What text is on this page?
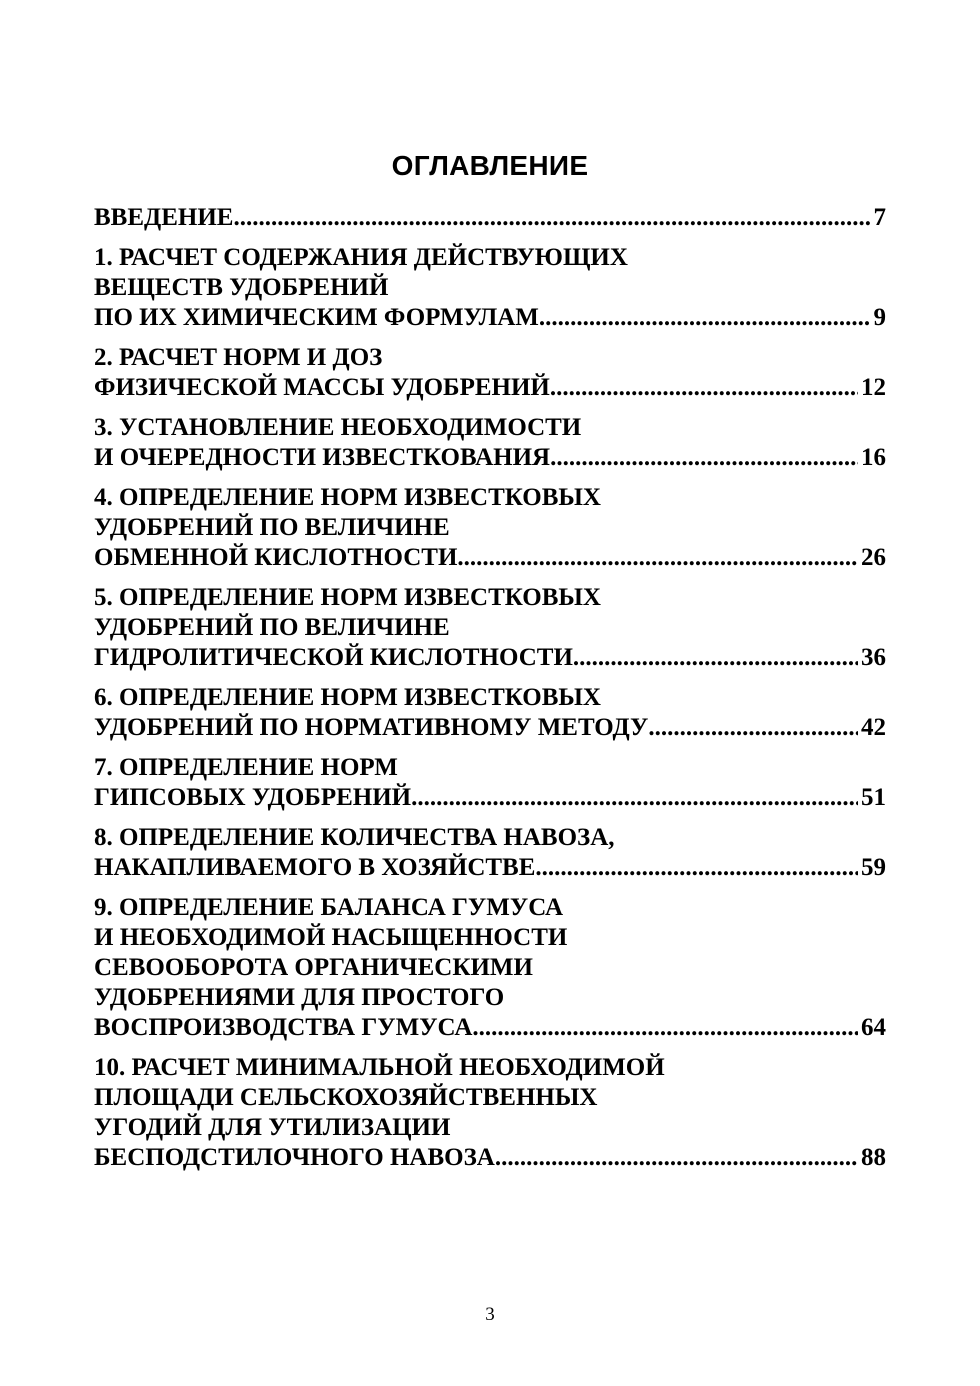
ОГЛАВЛЕНИЕ
ВВЕДЕНИЕ .....	7
1. РАСЧЕТ СОДЕРЖАНИЯ ДЕЙСТВУЮЩИХ
ВЕЩЕСТВ УДОБРЕНИЙ
ПО ИХ ХИМИЧЕСКИМ ФОРМУЛАМ .....	9
2. РАСЧЕТ НОРМ И ДОЗ
ФИЗИЧЕСКОЙ МАССЫ УДОБРЕНИЙ .....	12
3. УСТАНОВЛЕНИЕ НЕОБХОДИМОСТИ
И ОЧЕРЕДНОСТИ ИЗВЕСТКОВАНИЯ .....	16
4. ОПРЕДЕЛЕНИЕ НОРМ ИЗВЕСТКОВЫХ
УДОБРЕНИЙ ПО ВЕЛИЧИНЕ
ОБМЕННОЙ КИСЛОТНОСТИ .....	26
5. ОПРЕДЕЛЕНИЕ НОРМ ИЗВЕСТКОВЫХ
УДОБРЕНИЙ ПО ВЕЛИЧИНЕ
ГИДРОЛИТИЧЕСКОЙ КИСЛОТНОСТИ .....	36
6. ОПРЕДЕЛЕНИЕ НОРМ ИЗВЕСТКОВЫХ
УДОБРЕНИЙ ПО НОРМАТИВНОМУ МЕТОДУ .....	42
7. ОПРЕДЕЛЕНИЕ НОРМ
ГИПСОВЫХ УДОБРЕНИЙ .....	51
8. ОПРЕДЕЛЕНИЕ КОЛИЧЕСТВА НАВОЗА,
НАКАПЛИВАЕМОГО В ХОЗЯЙСТВЕ .....	59
9. ОПРЕДЕЛЕНИЕ БАЛАНСА ГУМУСА
И НЕОБХОДИМОЙ НАСЫЩЕННОСТИ
СЕВООБОРОТА ОРГАНИЧЕСКИМИ
УДОБРЕНИЯМИ ДЛЯ ПРОСТОГО
ВОСПРОИЗВОДСТВА ГУМУСА .....	64
10. РАСЧЕТ МИНИМАЛЬНОЙ НЕОБХОДИМОЙ
ПЛОЩАДИ СЕЛЬСКОХОЗЯЙСТВЕННЫХ
УГОДИЙ ДЛЯ УТИЛИЗАЦИИ
БЕСПОДСТИЛОЧНОГО НАВОЗА .....	88
3
